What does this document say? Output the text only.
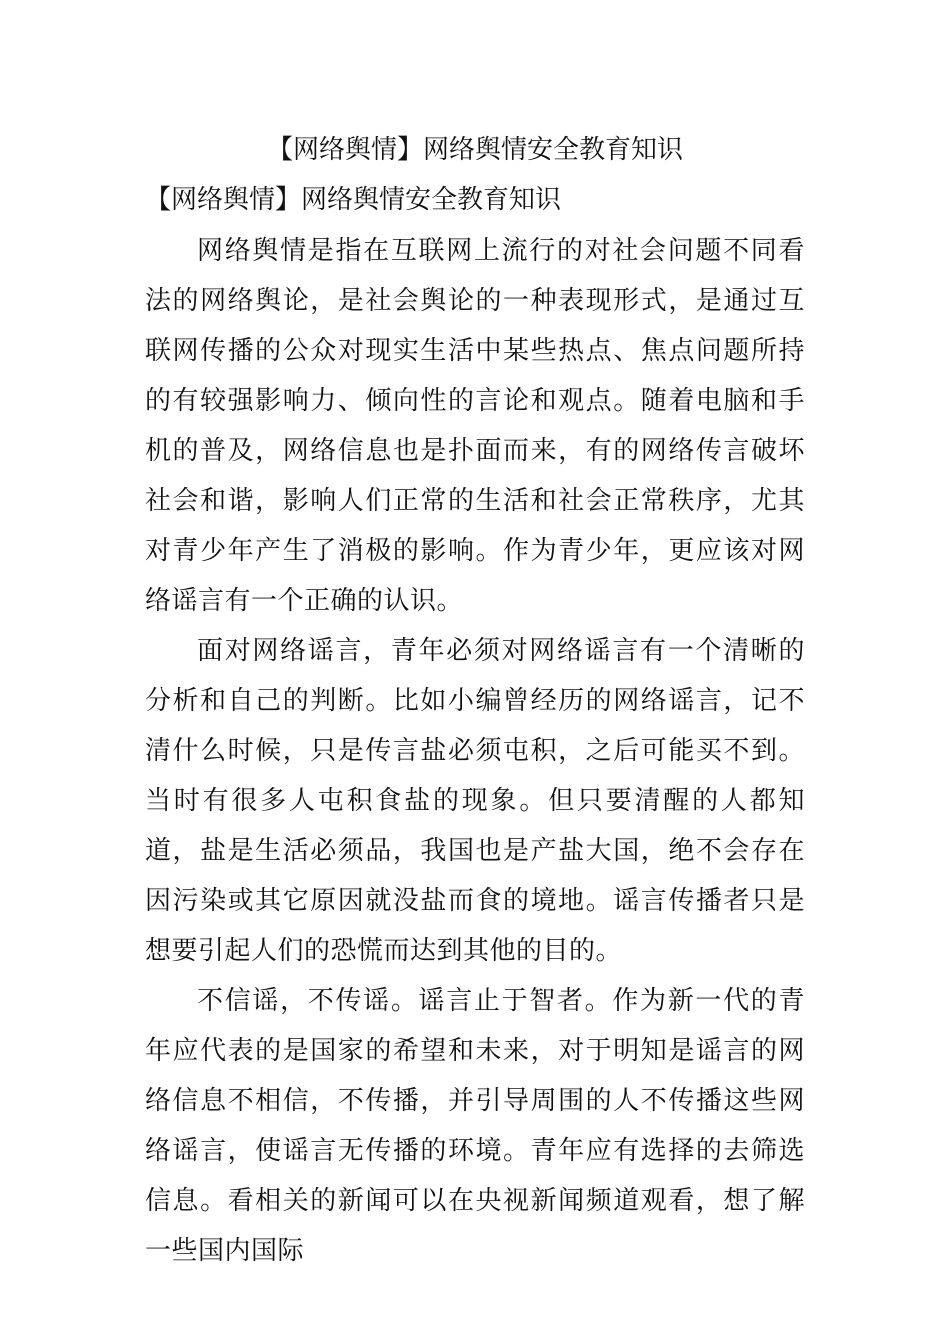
【网络舆情】网络舆情安全教育知识
【网络舆情】网络舆情安全教育知识

网络舆情是指在互联网上流行的对社会问题不同看法的网络舆论，是社会舆论的一种表现形式，是通过互联网传播的公众对现实生活中某些热点、焦点问题所持的有较强影响力、倾向性的言论和观点。随着电脑和手机的普及，网络信息也是扑面而来，有的网络传言破坏社会和谐，影响人们正常的生活和社会正常秩序，尤其对青少年产生了消极的影响。作为青少年，更应该对网络谣言有一个正确的认识。

面对网络谣言，青年必须对网络谣言有一个清晰的分析和自己的判断。比如小编曾经历的网络谣言，记不清什么时候，只是传言盐必须屯积，之后可能买不到。当时有很多人屯积食盐的现象。但只要清醒的人都知道，盐是生活必须品，我国也是产盐大国，绝不会存在因污染或其它原因就没盐而食的境地。谣言传播者只是想要引起人们的恐慌而达到其他的目的。

不信谣，不传谣。谣言止于智者。作为新一代的青年应代表的是国家的希望和未来，对于明知是谣言的网络信息不相信，不传播，并引导周围的人不传播这些网络谣言，使谣言无传播的环境。青年应有选择的去筛选信息。看相关的新闻可以在央视新闻频道观看，想了解一些国内国际
